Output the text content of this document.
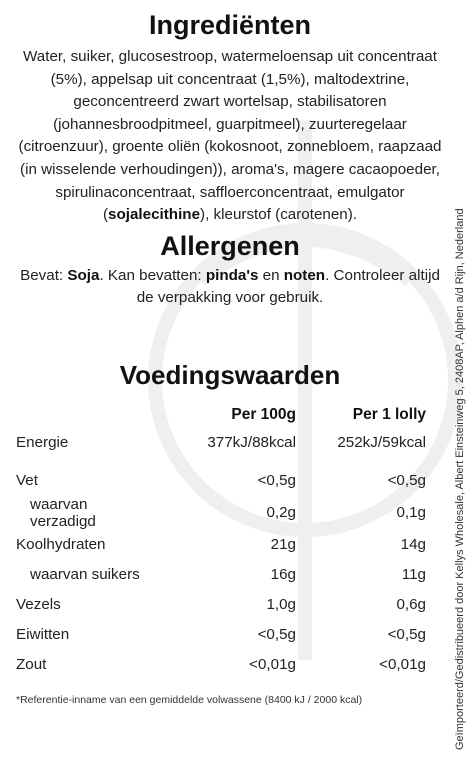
Ingrediënten

Water, suiker, glucosestroop, watermeloensap uit concentraat (5%), appelsap uit concentraat (1,5%), maltodextrine, geconcentreerd zwart wortelsap, stabilisatoren (johannesbroodpitmeel, guarpitmeel), zuurteregelaar (citroenzuur), groente oliën (kokosnoot, zonnebloem, raapzaad (in wisselende verhoudingen)), aroma's, magere cacaopoeder, spirulinaconcentraat, saffloerconcentraat, emulgator (sojalecithine), kleurstof (carotenen).

Allergenen

Bevat: Soja. Kan bevatten: pinda's en noten. Controleer altijd de verpakking voor gebruik.

Voedingswaarden
	Per 100g	Per 1 lolly
Energie	377kJ/88kcal	252kJ/59kcal
Vet	<0,5g	<0,5g
waarvan verzadigd	0,2g	0,1g
Koolhydraten	21g	14g
waarvan suikers	16g	11g
Vezels	1,0g	0,6g
Eiwitten	<0,5g	<0,5g
Zout	<0,01g	<0,01g
*Referentie-inname van een gemiddelde volwassene (8400 kJ / 2000 kcal)	Geïmporteerd/Gedistribueerd door Kellys Wholesale, Albert Einsteinweg 5, 2408AP, Alphen a/d Rijn, Nederland
